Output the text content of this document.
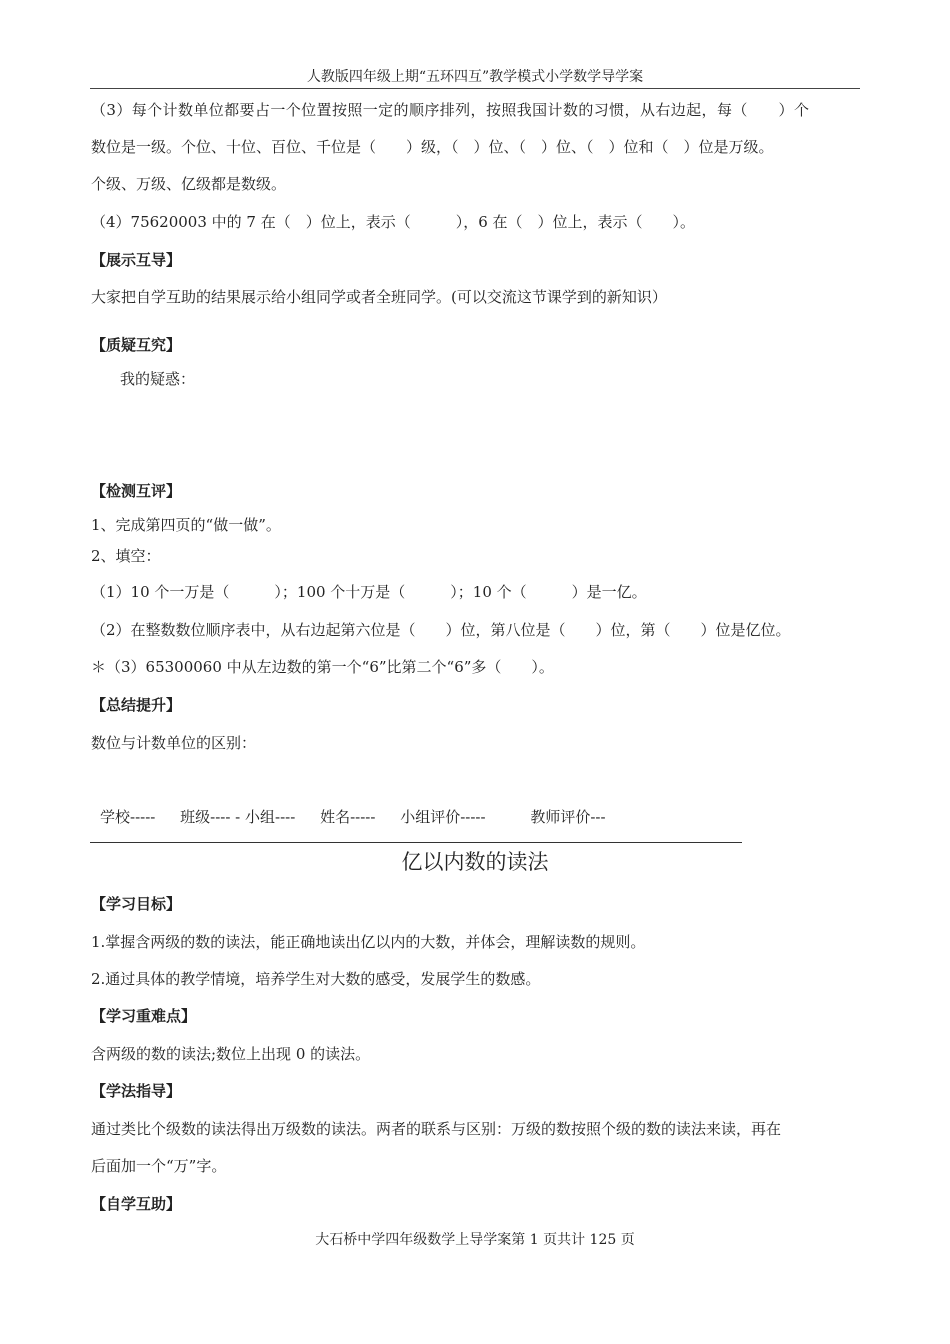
人教版四年级上期“五环四互”教学模式小学数学导学案
（3）每个计数单位都要占一个位置按照一定的顺序排列，按照我国计数的习惯，从右边起，每（　　）个
数位是一级。个位、十位、百位、千位是（　　）级，（　）位、（　）位、（　）位和（　）位是万级。
个级、万级、亿级都是数级。
（4）75620003 中的 7 在（　）位上，表示（　　　），6 在（　）位上，表示（　　）。
【展示互导】
大家把自学互助的结果展示给小组同学或者全班同学。(可以交流这节课学到的新知识）
【质疑互究】
我的疑惑：
【检测互评】
1、完成第四页的“做一做”。
2、填空：
（1）10 个一万是（　　　）；100 个十万是（　　　）；10 个（　　　）是一亿。
（2）在整数数位顺序表中，从右边起第六位是（　　）位，第八位是（　　）位，第（　　）位是亿位。
＊（3）65300060 中从左边数的第一个“6”比第二个“6”多（　　）。
【总结提升】
数位与计数单位的区别：
学校----- 班级---- - 小组---- 姓名----- 小组评价-----	教师评价---
亿以内数的读法
【学习目标】
1.掌握含两级的数的读法，能正确地读出亿以内的大数，并体会，理解读数的规则。
2.通过具体的教学情境，培养学生对大数的感受，发展学生的数感。
【学习重难点】
含两级的数的读法;数位上出现 0 的读法。
【学法指导】
通过类比个级数的读法得出万级数的读法。两者的联系与区别：万级的数按照个级的数的读法来读，再在
后面加一个“万”字。
【自学互助】
大石桥中学四年级数学上导学案第 1 页共计 125 页
